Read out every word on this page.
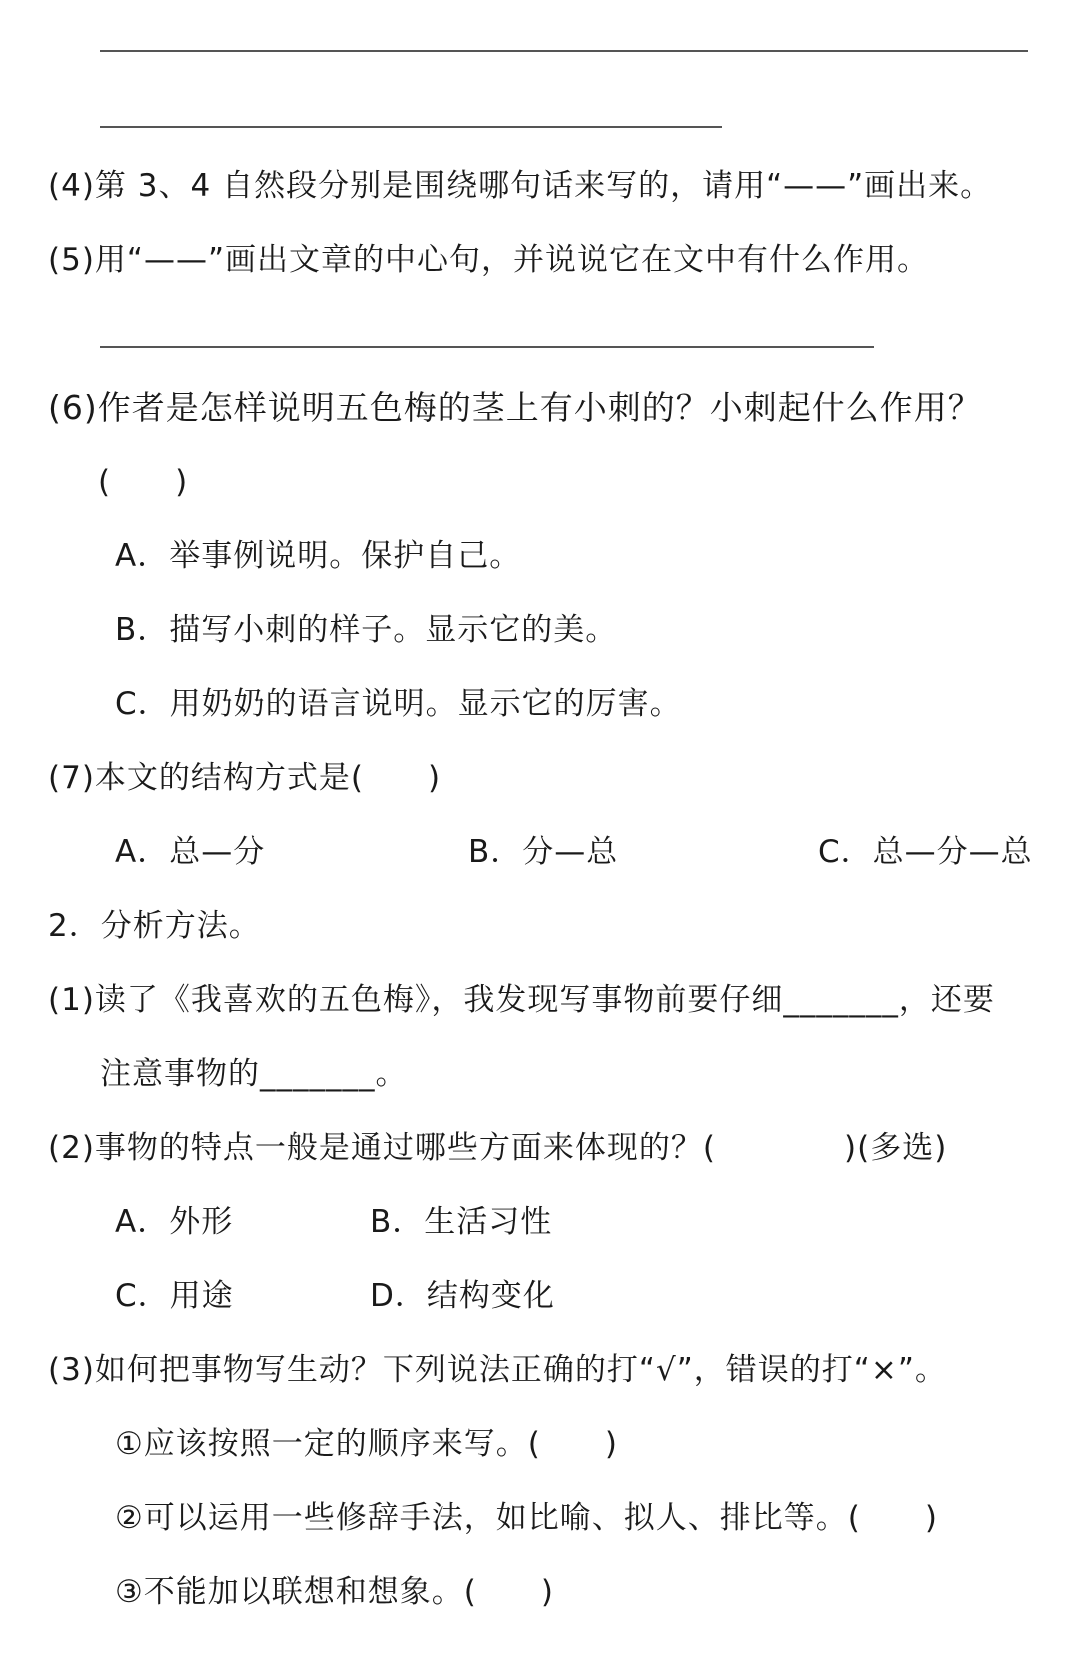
(4)第 3、4 自然段分别是围绕哪句话来写的，请用“——”画出来。
(5)用“——”画出文章的中心句，并说说它在文中有什么作用。
(6)作者是怎样说明五色梅的茎上有小刺的？小刺起什么作用？
(　　)
A．举事例说明。保护自己。
B．描写小刺的样子。显示它的美。
C．用奶奶的语言说明。显示它的厉害。
(7)本文的结构方式是(　　)
A．总—分	B．分—总	C．总—分—总
2．分析方法。
(1)读了《我喜欢的五色梅》，我发现写事物前要仔细_______，还要
注意事物的_______。
(2)事物的特点一般是通过哪些方面来体现的？(　　　　)(多选)
A．外形	B．生活习性
C．用途	D．结构变化
(3)如何把事物写生动？下列说法正确的打“√”，错误的打“×”。
①应该按照一定的顺序来写。(　　)
②可以运用一些修辞手法，如比喻、拟人、排比等。(　　)
③不能加以联想和想象。(　　)
